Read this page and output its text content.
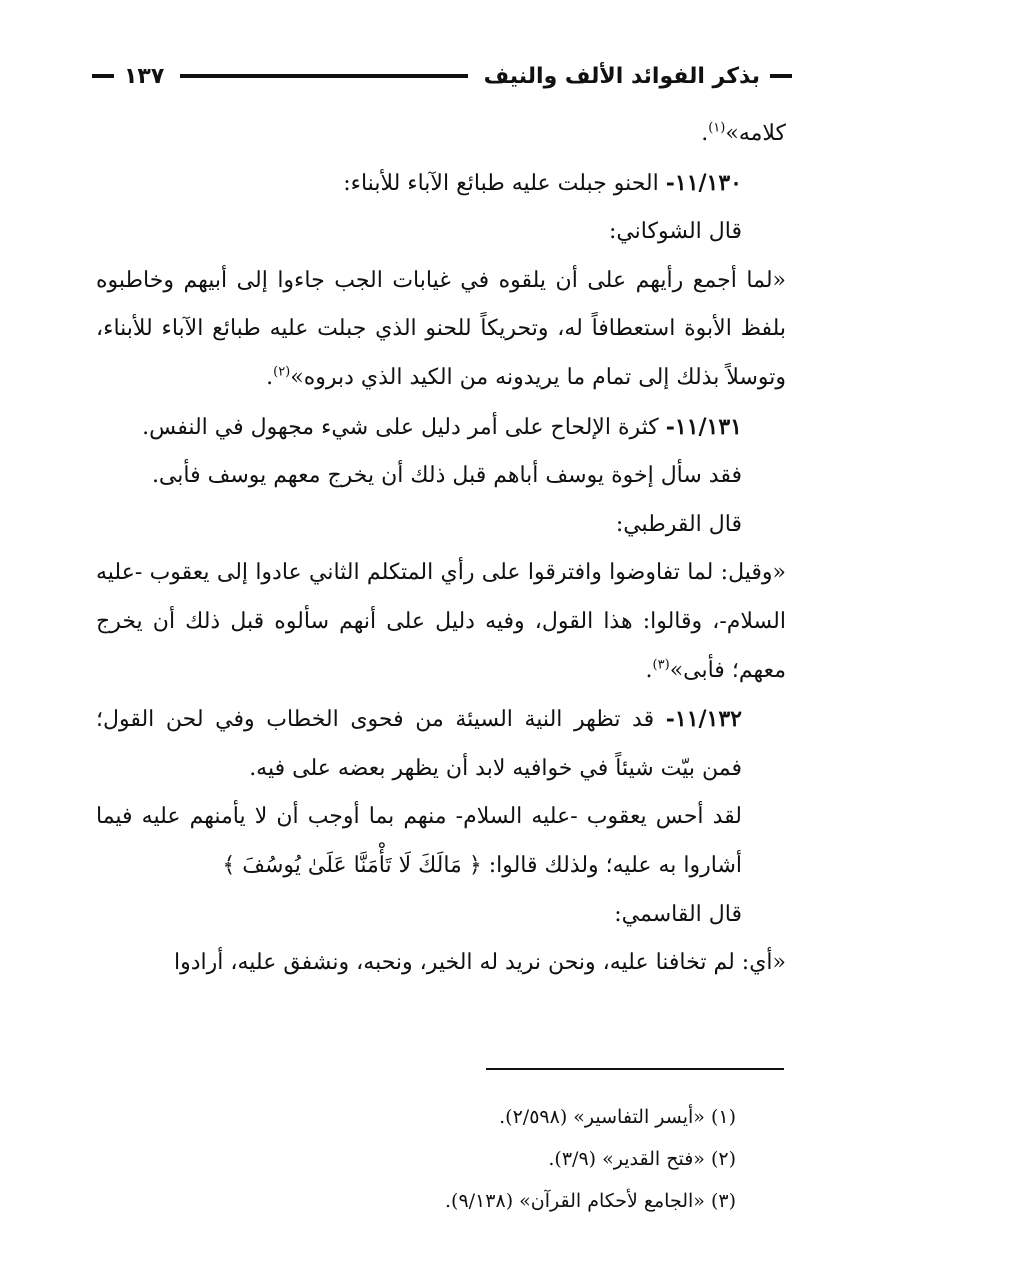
بذكر الفوائد الألف والنيف
١٣٧

كلامه»$^{(١)}$.

١١/١٣٠- الحنو جبلت عليه طبائع الآباء للأبناء:

قال الشوكاني:

«لما أجمع رأيهم على أن يلقوه في غيابات الجب جاءوا إلى أبيهم وخاطبوه بلفظ الأبوة استعطافاً له، وتحريكاً للحنو الذي جبلت عليه طبائع الآباء للأبناء، وتوسلاً بذلك إلى تمام ما يريدونه من الكيد الذي دبروه»$^{(٢)}$.

١١/١٣١- كثرة الإلحاح على أمر دليل على شيء مجهول في النفس.

فقد سأل إخوة يوسف أباهم قبل ذلك أن يخرج معهم يوسف فأبى.

قال القرطبي:

«وقيل: لما تفاوضوا وافترقوا على رأي المتكلم الثاني عادوا إلى يعقوب -عليه السلام-، وقالوا: هذا القول، وفيه دليل على أنهم سألوه قبل ذلك أن يخرج معهم؛ فأبى»$^{(٣)}$.

١١/١٣٢- قد تظهر النية السيئة من فحوى الخطاب وفي لحن القول؛ فمن بيّت شيئاً في خوافيه لابد أن يظهر بعضه على فيه.

لقد أحس يعقوب -عليه السلام- منهم بما أوجب أن لا يأمنهم عليه فيما أشاروا به عليه؛ ولذلك قالوا: ﴿ مَالَكَ لَا تَأْمَنَّا عَلَىٰ يُوسُفَ ﴾

قال القاسمي:

«أي: لم تخافنا عليه، ونحن نريد له الخير، ونحبه، ونشفق عليه، أرادوا

(١) «أيسر التفاسير» (٢/٥٩٨).

(٢) «فتح القدير» (٣/٩).

(٣) «الجامع لأحكام القرآن» (٩/١٣٨).
